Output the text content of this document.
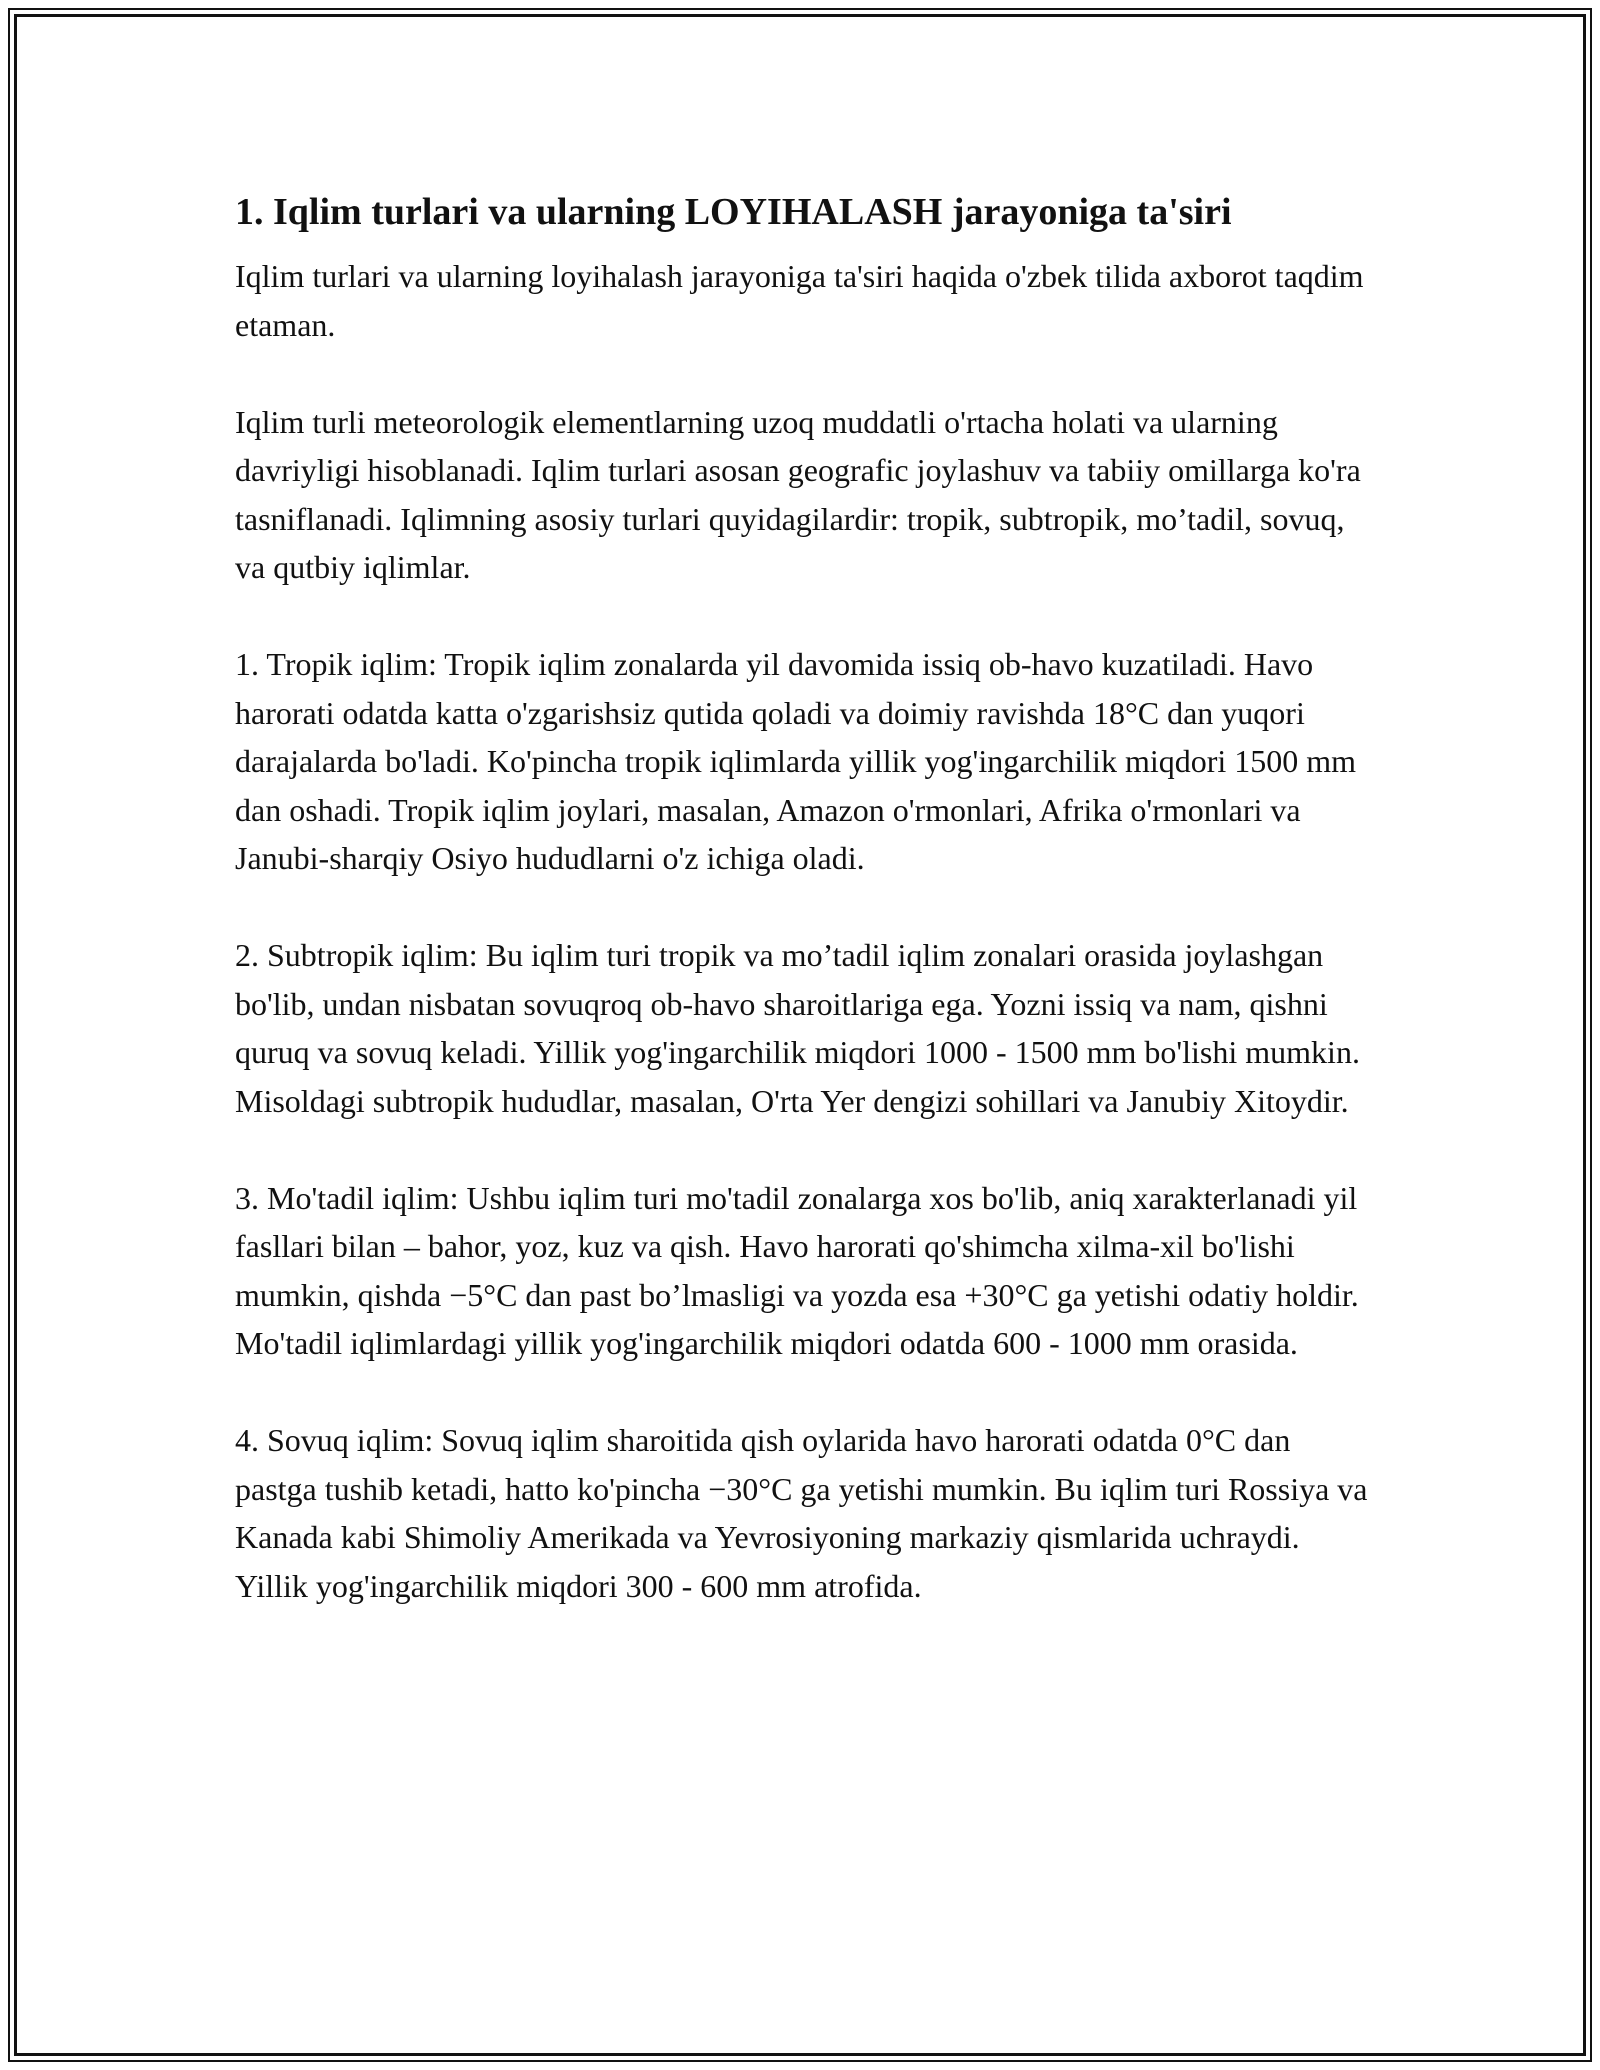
1. Iqlim turlari va ularning LOYIHALASH jarayoniga ta'siri

Iqlim turlari va ularning loyihalash jarayoniga ta'siri haqida o'zbek tilida axborot taqdim etaman.

Iqlim turli meteorologik elementlarning uzoq muddatli o'rtacha holati va ularning davriyligi hisoblanadi. Iqlim turlari asosan geografic joylashuv va tabiiy omillarga ko'ra tasniflanadi. Iqlimning asosiy turlari quyidagilardir: tropik, subtropik, mo’tadil, sovuq, va qutbiy iqlimlar.

1. Tropik iqlim: Tropik iqlim zonalarda yil davomida issiq ob-havo kuzatiladi. Havo harorati odatda katta o'zgarishsiz qutida qoladi va doimiy ravishda 18°C dan yuqori darajalarda bo'ladi. Ko'pincha tropik iqlimlarda yillik yog'ingarchilik miqdori 1500 mm dan oshadi. Tropik iqlim joylari, masalan, Amazon o'rmonlari, Afrika o'rmonlari va Janubi-sharqiy Osiyo hududlarni o'z ichiga oladi.

2. Subtropik iqlim: Bu iqlim turi tropik va mo’tadil iqlim zonalari orasida joylashgan bo'lib, undan nisbatan sovuqroq ob-havo sharoitlariga ega. Yozni issiq va nam, qishni quruq va sovuq keladi. Yillik yog'ingarchilik miqdori 1000 - 1500 mm bo'lishi mumkin. Misoldagi subtropik hududlar, masalan, O'rta Yer dengizi sohillari va Janubiy Xitoydir.

3. Mo'tadil iqlim: Ushbu iqlim turi mo'tadil zonalarga xos bo'lib, aniq xarakterlanadi yil fasllari bilan – bahor, yoz, kuz va qish. Havo harorati qo'shimcha xilma-xil bo'lishi mumkin, qishda −5°C dan past bo’lmasligi va yozda esa +30°C ga yetishi odatiy holdir. Mo'tadil iqlimlardagi yillik yog'ingarchilik miqdori odatda 600 - 1000 mm orasida.

4. Sovuq iqlim: Sovuq iqlim sharoitida qish oylarida havo harorati odatda 0°C dan pastga tushib ketadi, hatto ko'pincha −30°C ga yetishi mumkin. Bu iqlim turi Rossiya va Kanada kabi Shimoliy Amerikada va Yevrosiyoning markaziy qismlarida uchraydi. Yillik yog'ingarchilik miqdori 300 - 600 mm atrofida.
